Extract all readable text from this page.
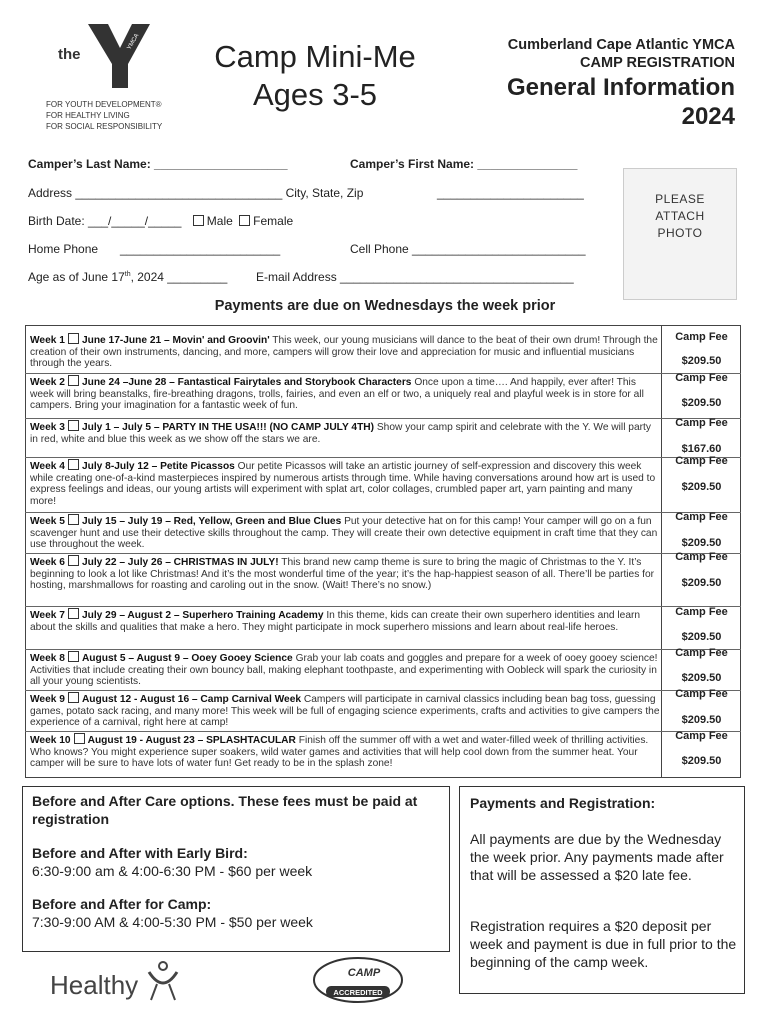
YMCA
the
FOR YOUTH DEVELOPMENT®
FOR HEALTHY LIVING
FOR SOCIAL RESPONSIBILITY
Camp Mini-Me
Ages 3-5
Cumberland Cape Atlantic YMCA
CAMP REGISTRATION
General Information
2024
Camper’s Last Name: ____________________	Camper’s First Name: _______________
Address _______________________________ City, State, Zip	______________________
Birth Date: ___/_____/_____ Male Female
Home Phone ________________________	Cell Phone __________________________
Age as of June 17th, 2024 _________ E-mail Address ___________________________________
PLEASE
ATTACH
PHOTO
Payments are due on Wednesdays the week prior
Week 1 June 17-June 21 – Movin' and Groovin' This week, our young musicians will dance to the beat of their own drum! Through the creation of their own instruments, dancing, and more, campers will grow their love and appreciation for music and influential musicians through the years.
Camp Fee
$209.50
Week 2 June 24 –June 28 – Fantastical Fairytales and Storybook Characters Once upon a time…. And happily, ever after! This week will bring beanstalks, fire-breathing dragons, trolls, fairies, and even an elf or two, a uniquely real and playful week is in store for all campers. Bring your imagination for a fantastic week of fun.
Camp Fee
$209.50
Week 3 July 1 – July 5 – PARTY IN THE USA!!! (NO CAMP JULY 4TH) Show your camp spirit and celebrate with the Y. We will party in red, white and blue this week as we show off the stars we are.
Camp Fee
$167.60
Week 4 July 8-July 12 – Petite Picassos Our petite Picassos will take an artistic journey of self-expression and discovery this week while creating one-of-a-kind masterpieces inspired by numerous artists through time. While having conversations around how art is used to express feelings and ideas, our young artists will experiment with splat art, color collages, crumbled paper art, yarn painting and many more!
Camp Fee
$209.50
Week 5 July 15 – July 19 – Red, Yellow, Green and Blue Clues Put your detective hat on for this camp! Your camper will go on a fun scavenger hunt and use their detective skills throughout the camp. They will create their own detective equipment in craft time that they can use throughout the week.
Camp Fee
$209.50
Week 6 July 22 – July 26 – CHRISTMAS IN JULY! This brand new camp theme is sure to bring the magic of Christmas to the Y. It’s beginning to look a lot like Christmas! And it’s the most wonderful time of the year; it’s the hap-happiest season of all. There’ll be parties for hosting, marshmallows for roasting and caroling out in the snow. (Wait! There’s no snow.)
Camp Fee
$209.50
Week 7 July 29 – August 2 – Superhero Training Academy In this theme, kids can create their own superhero identities and learn about the skills and qualities that make a hero. They might participate in mock superhero missions and learn about real-life heroes.
Camp Fee
$209.50
Week 8 August 5 – August 9 – Ooey Gooey Science Grab your lab coats and goggles and prepare for a week of ooey gooey science! Activities that include creating their own bouncy ball, making elephant toothpaste, and experimenting with Oobleck will spark the curiosity in all your young scientists.
Camp Fee
$209.50
Week 9 August 12 - August 16 – Camp Carnival Week Campers will participate in carnival classics including bean bag toss, guessing games, potato sack racing, and many more! This week will be full of engaging science experiments, crafts and activities to give campers the experience of a carnival, right here at camp!
Camp Fee
$209.50
Week 10 August 19 - August 23 – SPLASHTACULAR Finish off the summer off with a wet and water-filled week of thrilling activities. Who knows? You might experience super soakers, wild water games and activities that will help cool down from the summer heat. Your camper will be sure to have lots of water fun! Get ready to be in the splash zone!
Camp Fee
$209.50
Before and After Care options. These fees must be paid at registration
Before and After with Early Bird:
6:30-9:00 am & 4:00-6:30 PM - $60 per week
Before and After for Camp:
7:30-9:00 AM & 4:00-5:30 PM - $50 per week
Payments and Registration:
All payments are due by the Wednesday the week prior. Any payments made after that will be assessed a $20 late fee.
Registration requires a $20 deposit per week and payment is due in full prior to the beginning of the camp week.
Healthy	CAMP
ACCREDITED
